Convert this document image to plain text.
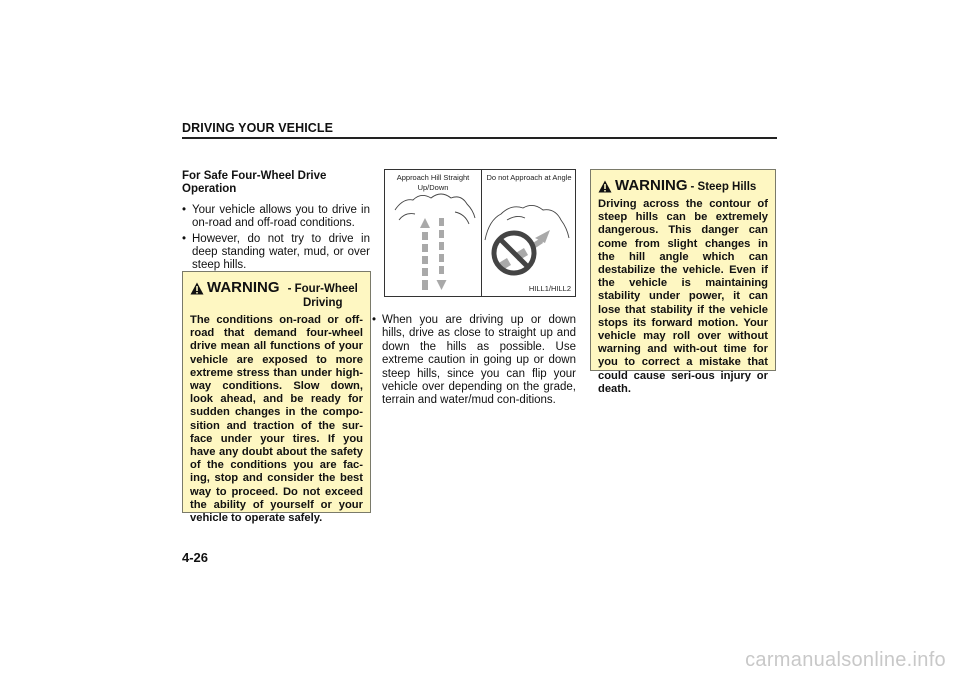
DRIVING YOUR VEHICLE
For Safe Four-Wheel Drive
Operation
• Your vehicle allows you to drive in on-road and off-road conditions.
• However, do not try to drive in deep standing water, mud, or over steep hills.
WARNING - Four-Wheel Driving
The conditions on-road or off-road that demand four-wheel drive mean all functions of your vehicle are exposed to more extreme stress than under high-way conditions. Slow down, look ahead, and be ready for sudden changes in the compo-sition and traction of the sur-face under your tires. If you have any doubt about the safety of the conditions you are fac-ing, stop and consider the best way to proceed. Do not exceed the ability of yourself or your vehicle to operate safely.
Approach Hill Straight Up/Down
Do not Approach at Angle
HILL1/HILL2
• When you are driving up or down hills, drive as close to straight up and down the hills as possible. Use extreme caution in going up or down steep hills, since you can flip your vehicle over depending on the grade, terrain and water/mud con-ditions.
WARNING - Steep Hills
Driving across the contour of steep hills can be extremely dangerous. This danger can come from slight changes in the hill angle which can destabilize the vehicle. Even if the vehicle is maintaining stability under power, it can lose that stability if the vehicle stops its forward motion. Your vehicle may roll over without warning and with-out time for you to correct a mistake that could cause seri-ous injury or death.
4-26
carmanualsonline.info
